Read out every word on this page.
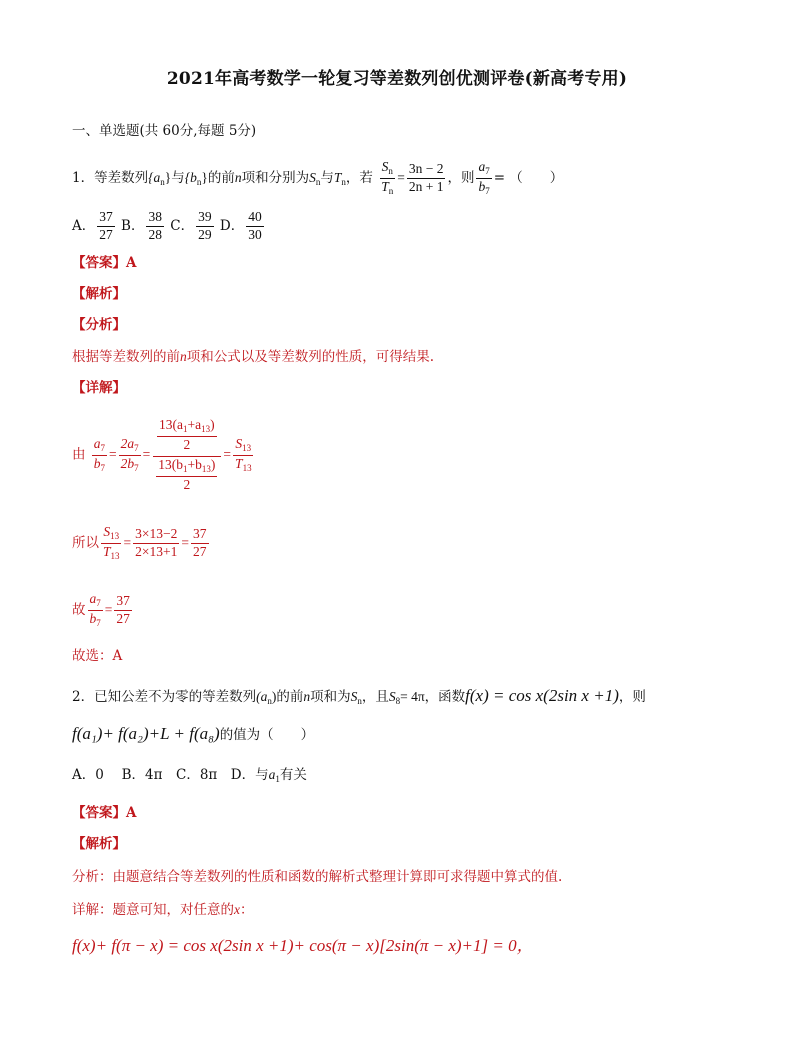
2021年高考数学一轮复习等差数列创优测评卷(新高考专用)
一、单选题(共 60分,每题 5分)
1．等差数列$\{a_n\}$与$\{b_n\}$的前n项和分别为$S_n$与$T_n$，若 $\frac{S_n}{T_n} = \frac{3n - 2}{2n + 1}$ ，则 $\frac{a_7}{b_7}$ = （　　）
A． $\frac{37}{27}$ B． $\frac{38}{28}$ C． $\frac{39}{29}$ D． $\frac{40}{30}$
【答案】A
【解析】
【分析】
根据等差数列的前n项和公式以及等差数列的性质，可得结果.
【详解】
由 $\frac{a_7}{b_7} = \frac{2a_7}{2b_7} = \frac{\frac{13(a_1+a_{13})}{2}}{\frac{13(b_1+b_{13})}{2}} = \frac{S_{13}}{T_{13}}$
所以 $\frac{S_{13}}{T_{13}} = \frac{3\times 13-2}{2\times 13+1} = \frac{37}{27}$
故 $\frac{a_7}{b_7} = \frac{37}{27}$
故选：A
2．已知公差不为零的等差数列$(a_n)$的前n项和为$S_n$，且$S_8= 4\pi$，函数f(x) = cos x(2sin x +1)，则
f(a₁)+ f(a₂)+L + f(a₈)的值为（　　）
A．0　 B．4π　C．8π　D．与$a_1$有关
【答案】A
【解析】
分析：由题意结合等差数列的性质和函数的解析式整理计算即可求得题中算式的值.
详解：题意可知，对任意的x：
f(x)+ f(π − x) = cos x(2sin x +1)+ cos(π − x)[2sin(π − x)+1] = 0，
